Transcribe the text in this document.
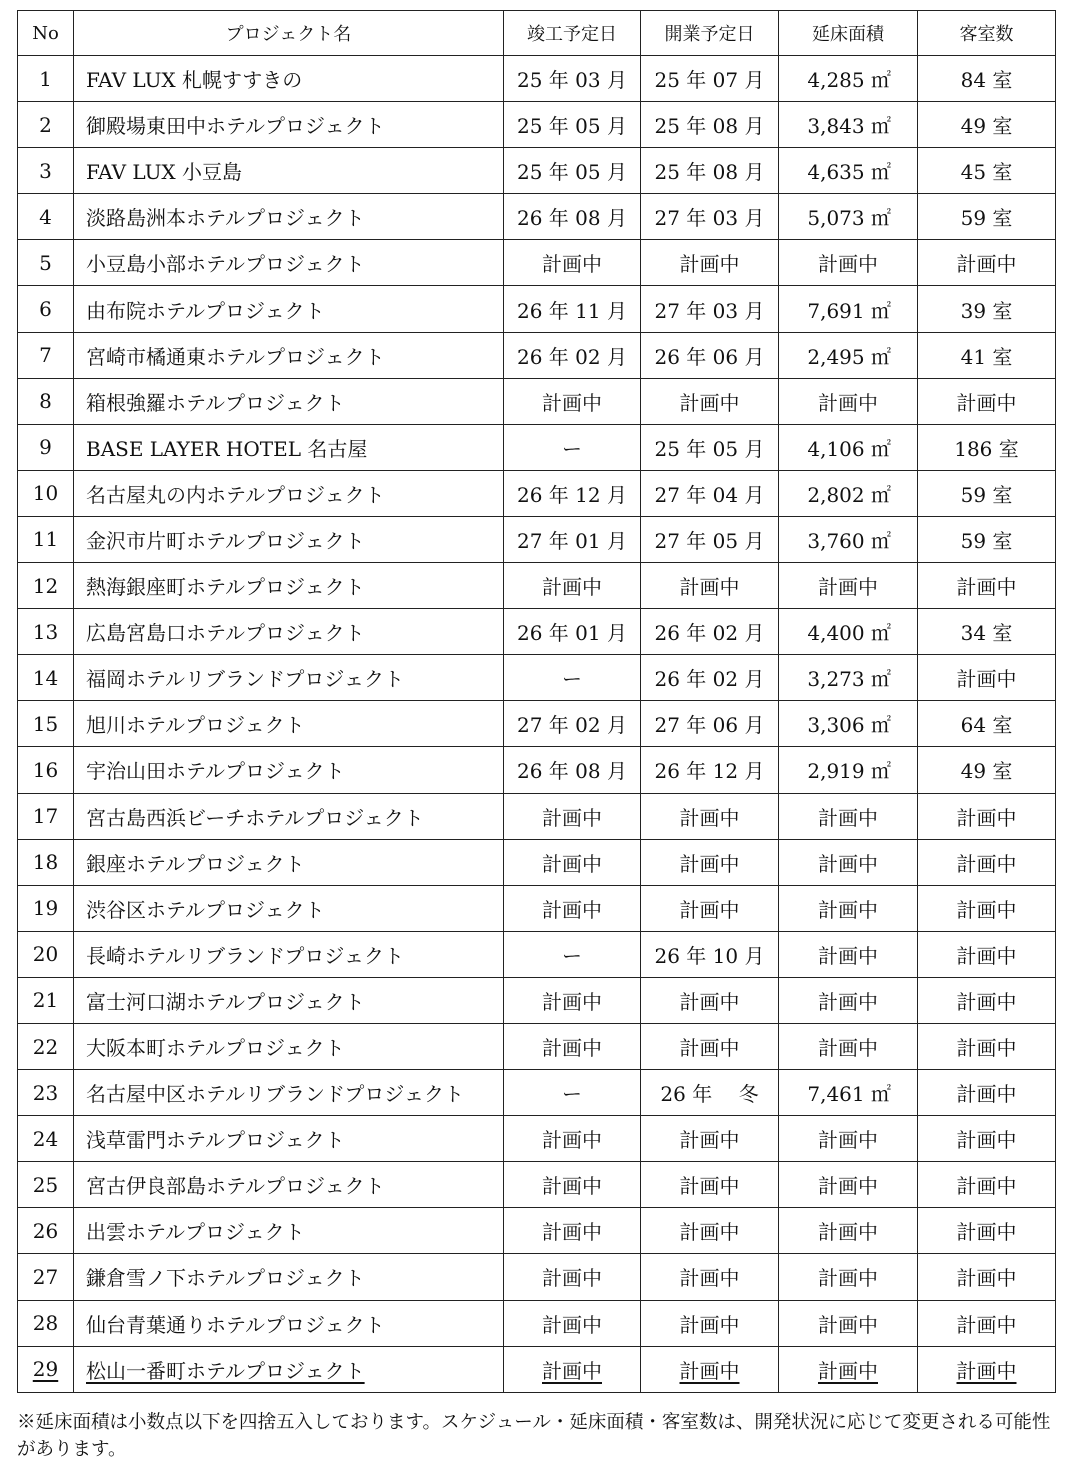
No	プロジェクト名	竣工予定日	開業予定日	延床面積	客室数
1	FAV LUX 札幌すすきの	25 年 03 月	25 年 07 月	4,285 ㎡	84 室
2	御殿場東田中ホテルプロジェクト	25 年 05 月	25 年 08 月	3,843 ㎡	49 室
3	FAV LUX 小豆島	25 年 05 月	25 年 08 月	4,635 ㎡	45 室
4	淡路島洲本ホテルプロジェクト	26 年 08 月	27 年 03 月	5,073 ㎡	59 室
5	小豆島小部ホテルプロジェクト	計画中	計画中	計画中	計画中
6	由布院ホテルプロジェクト	26 年 11 月	27 年 03 月	7,691 ㎡	39 室
7	宮崎市橘通東ホテルプロジェクト	26 年 02 月	26 年 06 月	2,495 ㎡	41 室
8	箱根強羅ホテルプロジェクト	計画中	計画中	計画中	計画中
9	BASE LAYER HOTEL 名古屋	ー	25 年 05 月	4,106 ㎡	186 室
10	名古屋丸の内ホテルプロジェクト	26 年 12 月	27 年 04 月	2,802 ㎡	59 室
11	金沢市片町ホテルプロジェクト	27 年 01 月	27 年 05 月	3,760 ㎡	59 室
12	熱海銀座町ホテルプロジェクト	計画中	計画中	計画中	計画中
13	広島宮島口ホテルプロジェクト	26 年 01 月	26 年 02 月	4,400 ㎡	34 室
14	福岡ホテルリブランドプロジェクト	ー	26 年 02 月	3,273 ㎡	計画中
15	旭川ホテルプロジェクト	27 年 02 月	27 年 06 月	3,306 ㎡	64 室
16	宇治山田ホテルプロジェクト	26 年 08 月	26 年 12 月	2,919 ㎡	49 室
17	宮古島西浜ビーチホテルプロジェクト	計画中	計画中	計画中	計画中
18	銀座ホテルプロジェクト	計画中	計画中	計画中	計画中
19	渋谷区ホテルプロジェクト	計画中	計画中	計画中	計画中
20	長崎ホテルリブランドプロジェクト	ー	26 年 10 月	計画中	計画中
21	富士河口湖ホテルプロジェクト	計画中	計画中	計画中	計画中
22	大阪本町ホテルプロジェクト	計画中	計画中	計画中	計画中
23	名古屋中区ホテルリブランドプロジェクト	ー	26 年　 冬	7,461 ㎡	計画中
24	浅草雷門ホテルプロジェクト	計画中	計画中	計画中	計画中
25	宮古伊良部島ホテルプロジェクト	計画中	計画中	計画中	計画中
26	出雲ホテルプロジェクト	計画中	計画中	計画中	計画中
27	鎌倉雪ノ下ホテルプロジェクト	計画中	計画中	計画中	計画中
28	仙台青葉通りホテルプロジェクト	計画中	計画中	計画中	計画中
29	松山一番町ホテルプロジェクト	計画中	計画中	計画中	計画中
※延床面積は小数点以下を四捨五入しております。スケジュール・延床面積・客室数は、開発状況に応じて変更される可能性があります。
